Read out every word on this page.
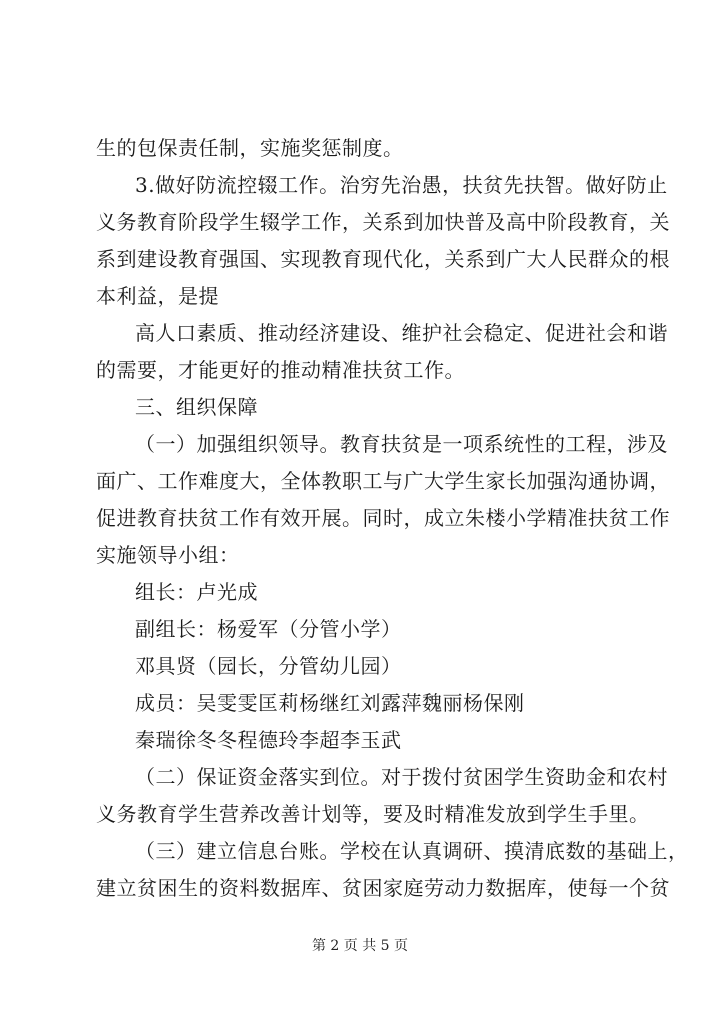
生的包保责任制，实施奖惩制度。
3.做好防流控辍工作。治穷先治愚，扶贫先扶智。做好防止
义务教育阶段学生辍学工作，关系到加快普及高中阶段教育，关
系到建设教育强国、实现教育现代化，关系到广大人民群众的根
本利益，是提
高人口素质、推动经济建设、维护社会稳定、促进社会和谐
的需要，才能更好的推动精准扶贫工作。
三、组织保障
（一）加强组织领导。教育扶贫是一项系统性的工程，涉及
面广、工作难度大，全体教职工与广大学生家长加强沟通协调，
促进教育扶贫工作有效开展。同时，成立朱楼小学精准扶贫工作
实施领导小组：
组长：卢光成
副组长：杨爱军（分管小学）
邓具贤（园长，分管幼儿园）
成员：吴雯雯匡莉杨继红刘露萍魏丽杨保刚
秦瑞徐冬冬程德玲李超李玉武
（二）保证资金落实到位。对于拨付贫困学生资助金和农村
义务教育学生营养改善计划等，要及时精准发放到学生手里。
（三）建立信息台账。学校在认真调研、摸清底数的基础上，
建立贫困生的资料数据库、贫困家庭劳动力数据库，使每一个贫
第 2 页 共 5 页
